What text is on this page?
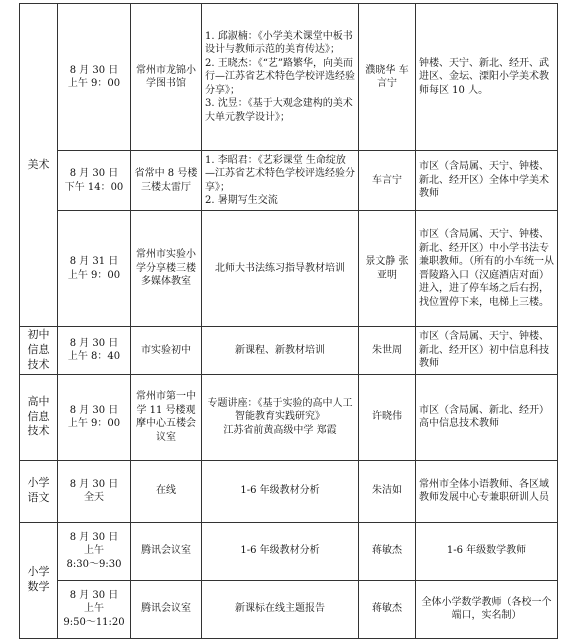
美术	8 月 30 日
上午 9：00	常州市龙锦小学图书馆	1. 邱淑楠：《小学美术课堂中板书设计与教师示范的美育传达》；
2. 王晓杰：《“艺”路繁华，向美而行—江苏省艺术特色学校评选经验分享》；
3. 沈昱：《基于大观念建构的美术大单元教学设计》；	濮晓华 车言宁	钟楼、天宁、新北、经开、武进区、金坛、溧阳小学美术教师每区 10 人。

	8 月 30 日
下午 14：00	省常中 8 号楼三楼太雷厅	1. 李昭君：《艺彩课堂 生命绽放—江苏省艺术特色学校评选经验分享》；
2. 暑期写生交流	车言宁	市区（含局属、天宁、钟楼、新北、经开区）全体中学美术教师

	8 月 31 日
上午 9：00	常州市实验小学分享楼三楼多媒体教室	北师大书法练习指导教材培训	景文静 张亚明	市区（含局属、天宁、钟楼、新北、经开区）中小学书法专兼职教师。（所有的小车统一从晋陵路入口（汉庭酒店对面）进入，进了停车场之后右拐，找位置停下来，电梯上三楼。
初中信息技术	8 月 30 日
上午 8：40	市实验初中	新课程、新教材培训	朱世周	市区（含局属、天宁、钟楼、新北、经开区）初中信息科技教师
高中信息技术	8 月 30 日
上午 9：00	常州市第一中学 11 号楼观摩中心五楼会议室	专题讲座：《基于实验的高中人工智能教育实践研究》
江苏省前黄高级中学 郑霞	许晓伟	市区（含局属、新北、经开）高中信息技术教师
小学语文	8 月 30 日
全天	在线	1-6 年级教材分析	朱洁如	常州市全体小语教师、各区域教师发展中心专兼职研训人员
小学数学	8 月 30 日
上午
8:30～9:30	腾讯会议室	1-6 年级教材分析	蒋敏杰	1-6 年级数学教师

	8 月 30 日
上午
9:50～11:20	腾讯会议室	新课标在线主题报告	蒋敏杰	全体小学数学教师（各校一个端口，实名制）
